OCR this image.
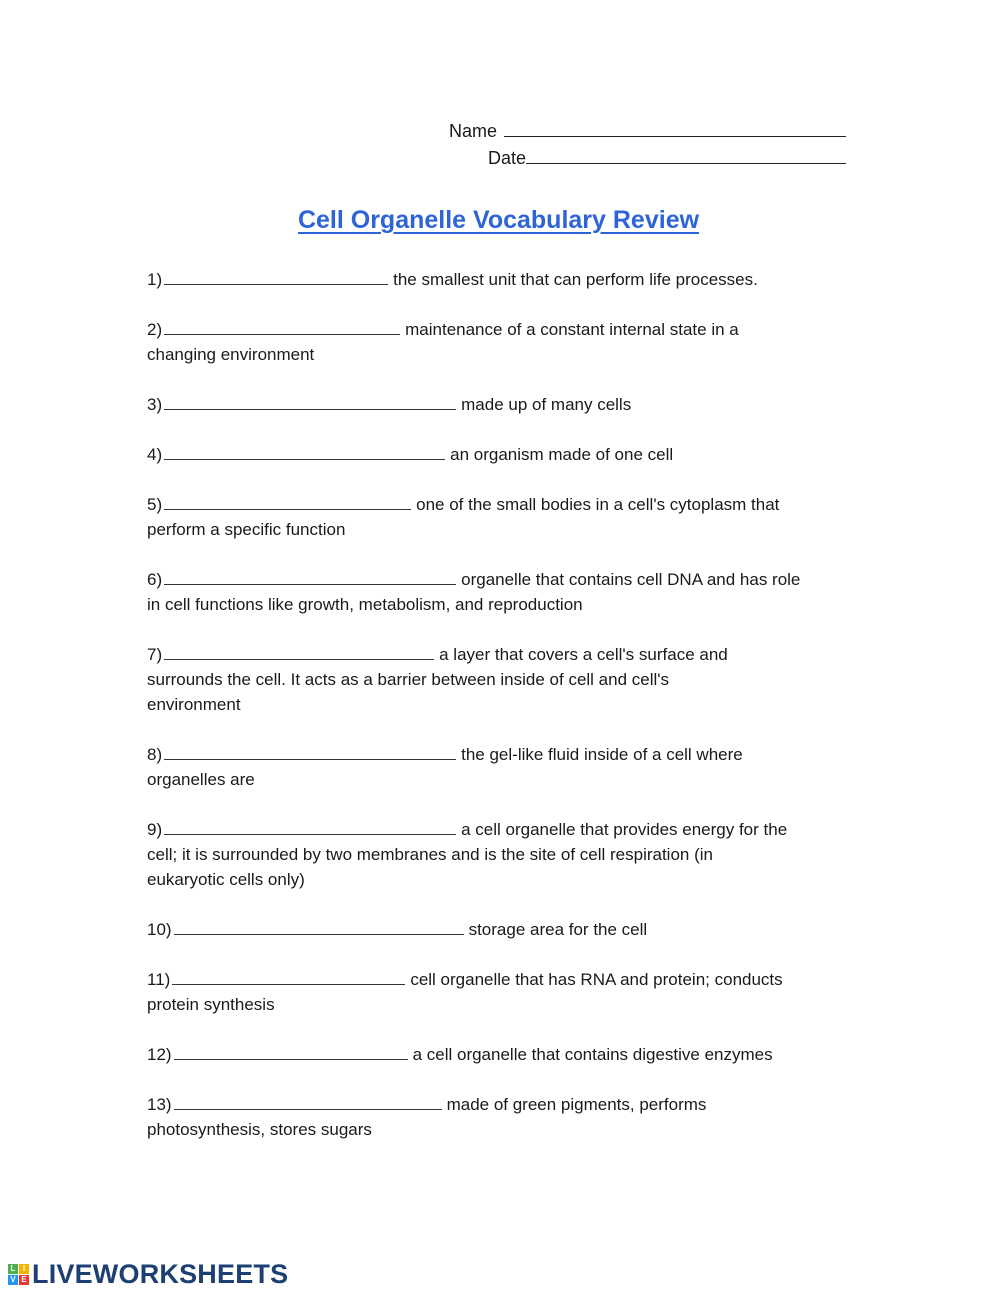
Name
Date
Cell Organelle Vocabulary Review
1)	the smallest unit that can perform life processes.
2)	maintenance of a constant internal state in a
changing environment
3)	made up of many cells
4)	an organism made of one cell
5)	one of the small bodies in a cell's cytoplasm that
perform a specific function
6)	organelle that contains cell DNA and has role
in cell functions like growth, metabolism, and reproduction
7)	a layer that covers a cell's surface and
surrounds the cell. It acts as a barrier between inside of cell and cell's
environment
8)	the gel-like fluid inside of a cell where
organelles are
9)	a cell organelle that provides energy for the
cell; it is surrounded by two membranes and is the site of cell respiration (in
eukaryotic cells only)
10)	storage area for the cell
11)	cell organelle that has RNA and protein; conducts
protein synthesis
12)	a cell organelle that contains digestive enzymes
13)	made of green pigments, performs
photosynthesis, stores sugars
L I
V E LIVEWORKSHEETS
